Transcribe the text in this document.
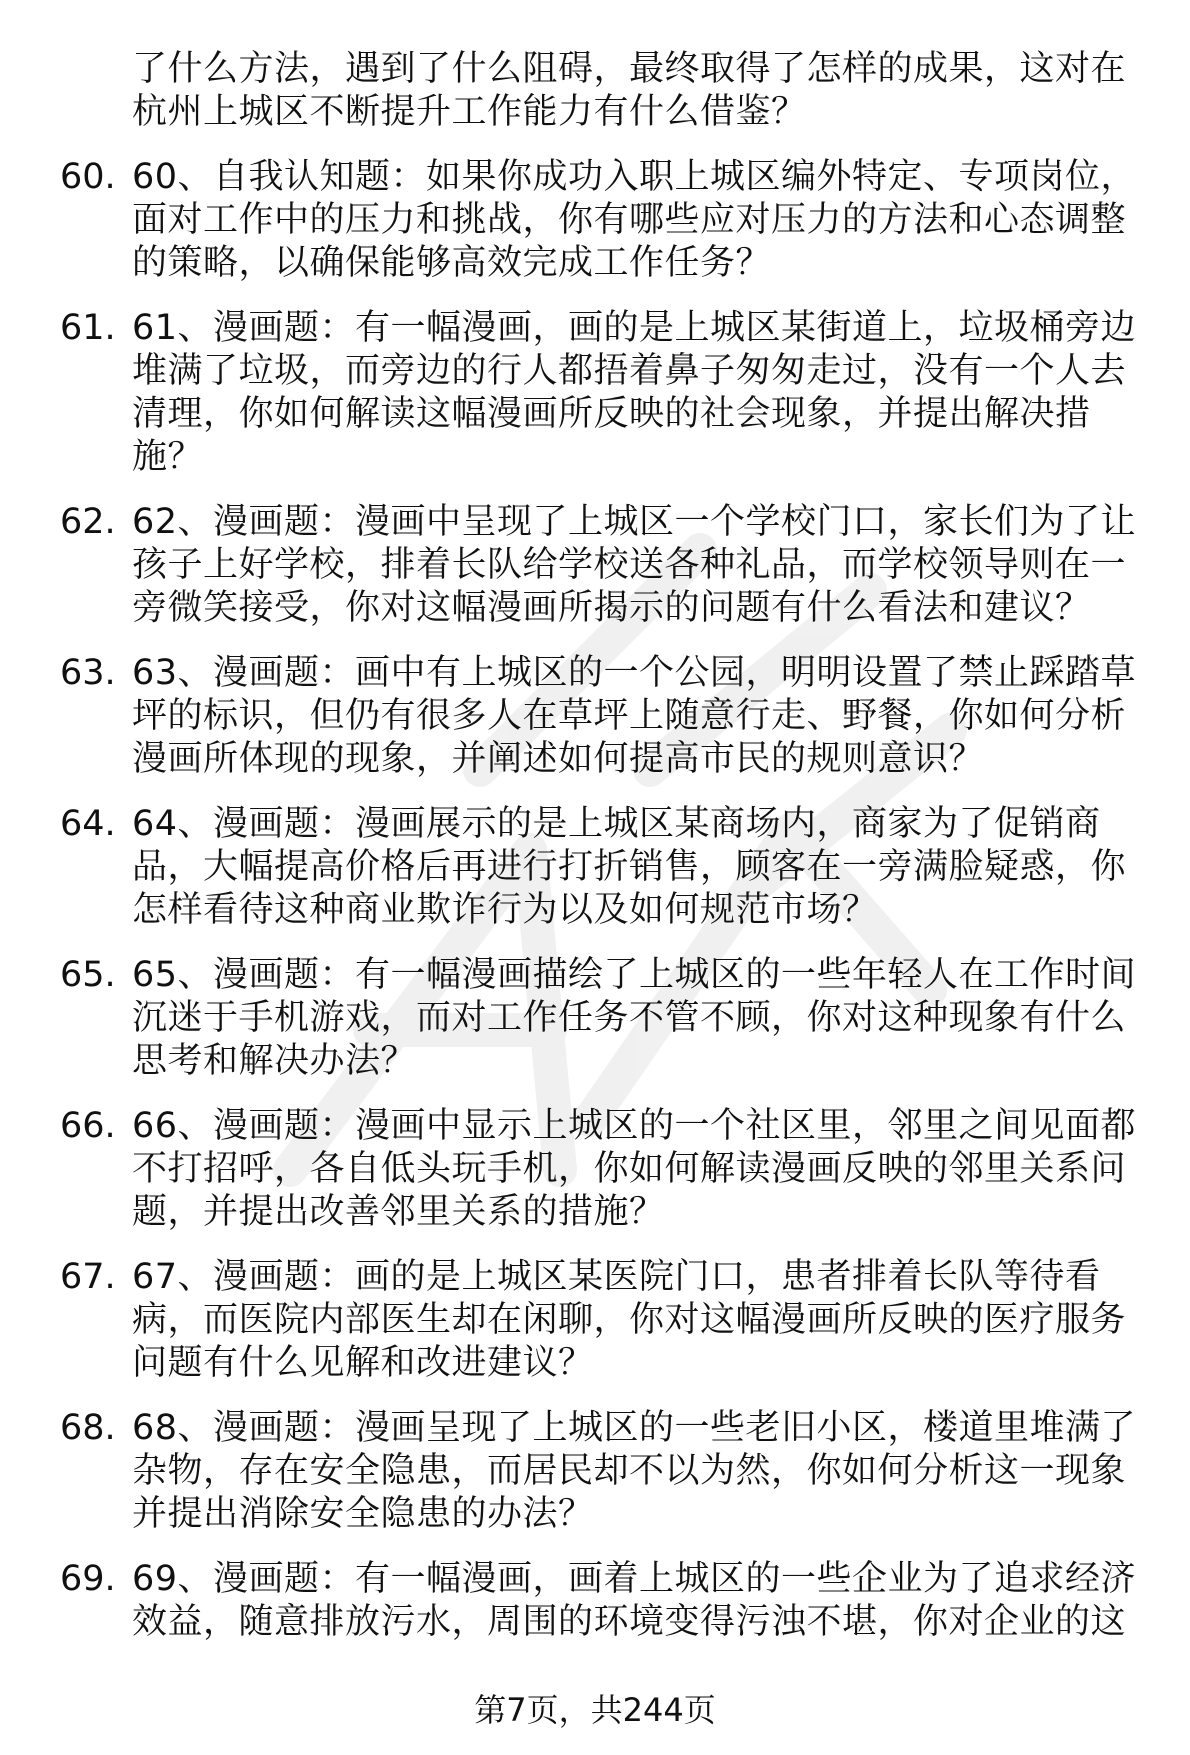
了什么方法，遇到了什么阻碍，最终取得了怎样的成果，这对在杭州上城区不断提升工作能力有什么借鉴？
60. 60、自我认知题：如果你成功入职上城区编外特定、专项岗位，面对工作中的压力和挑战，你有哪些应对压力的方法和心态调整的策略，以确保能够高效完成工作任务？
61. 61、漫画题：有一幅漫画，画的是上城区某街道上，垃圾桶旁边堆满了垃圾，而旁边的行人都捂着鼻子匆匆走过，没有一个人去清理，你如何解读这幅漫画所反映的社会现象，并提出解决措施？
62. 62、漫画题：漫画中呈现了上城区一个学校门口，家长们为了让孩子上好学校，排着长队给学校送各种礼品，而学校领导则在一旁微笑接受，你对这幅漫画所揭示的问题有什么看法和建议？
63. 63、漫画题：画中有上城区的一个公园，明明设置了禁止踩踏草坪的标识，但仍有很多人在草坪上随意行走、野餐，你如何分析漫画所体现的现象，并阐述如何提高市民的规则意识？
64. 64、漫画题：漫画展示的是上城区某商场内，商家为了促销商品，大幅提高价格后再进行打折销售，顾客在一旁满脸疑惑，你怎样看待这种商业欺诈行为以及如何规范市场？
65. 65、漫画题：有一幅漫画描绘了上城区的一些年轻人在工作时间沉迷于手机游戏，而对工作任务不管不顾，你对这种现象有什么思考和解决办法？
66. 66、漫画题：漫画中显示上城区的一个社区里，邻里之间见面都不打招呼，各自低头玩手机，你如何解读漫画反映的邻里关系问题，并提出改善邻里关系的措施？
67. 67、漫画题：画的是上城区某医院门口，患者排着长队等待看病，而医院内部医生却在闲聊，你对这幅漫画所反映的医疗服务问题有什么见解和改进建议？
68. 68、漫画题：漫画呈现了上城区的一些老旧小区，楼道里堆满了杂物，存在安全隐患，而居民却不以为然，你如何分析这一现象并提出消除安全隐患的办法？
69. 69、漫画题：有一幅漫画，画着上城区的一些企业为了追求经济效益，随意排放污水，周围的环境变得污浊不堪，你对企业的这
第7页，共244页
